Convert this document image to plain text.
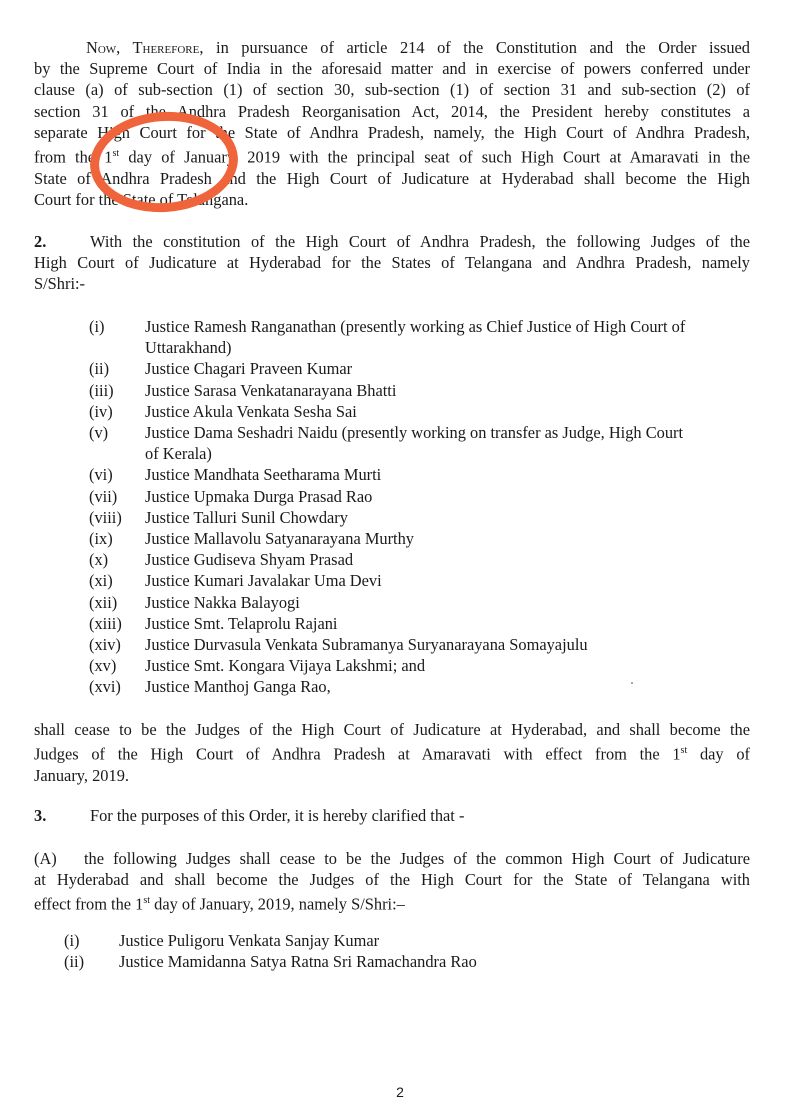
Now, Therefore, in pursuance of article 214 of the Constitution and the Order issued
by the Supreme Court of India in the aforesaid matter and in exercise of powers conferred under
clause (a) of sub-section (1) of section 30, sub-section (1) of section 31 and sub-section (2) of
section 31 of the Andhra Pradesh Reorganisation Act, 2014, the President hereby constitutes a
separate High Court for the State of Andhra Pradesh, namely, the High Court of Andhra Pradesh,
from the 1st day of January, 2019 with the principal seat of such High Court at Amaravati in the
State of Andhra Pradesh and the High Court of Judicature at Hyderabad shall become the High
Court for the State of Telangana.
2.	With the constitution of the High Court of Andhra Pradesh, the following Judges of the
High Court of Judicature at Hyderabad for the States of Telangana and Andhra Pradesh, namely
S/Shri:-
(i) Justice Ramesh Ranganathan (presently working as Chief Justice of High Court of
Uttarakhand)
(ii) Justice Chagari Praveen Kumar
(iii) Justice Sarasa Venkatanarayana Bhatti
(iv) Justice Akula Venkata Sesha Sai
(v) Justice Dama Seshadri Naidu (presently working on transfer as Judge, High Court
of Kerala)
(vi) Justice Mandhata Seetharama Murti
(vii) Justice Upmaka Durga Prasad Rao
(viii) Justice Talluri Sunil Chowdary
(ix) Justice Mallavolu Satyanarayana Murthy
(x) Justice Gudiseva Shyam Prasad
(xi) Justice Kumari Javalakar Uma Devi
(xii) Justice Nakka Balayogi
(xiii) Justice Smt. Telaprolu Rajani
(xiv) Justice Durvasula Venkata Subramanya Suryanarayana Somayajulu
(xv) Justice Smt. Kongara Vijaya Lakshmi; and
(xvi) Justice Manthoj Ganga Rao,
shall cease to be the Judges of the High Court of Judicature at Hyderabad, and shall become the
Judges of the High Court of Andhra Pradesh at Amaravati with effect from the 1st day of
January, 2019.
3.	For the purposes of this Order, it is hereby clarified that -
(A)   the following Judges shall cease to be the Judges of the common High Court of Judicature
at Hyderabad and shall become the Judges of the High Court for the State of Telangana with
effect from the 1st day of January, 2019, namely S/Shri:–
(i) Justice Puligoru Venkata Sanjay Kumar
(ii) Justice Mamidanna Satya Ratna Sri Ramachandra Rao
2
